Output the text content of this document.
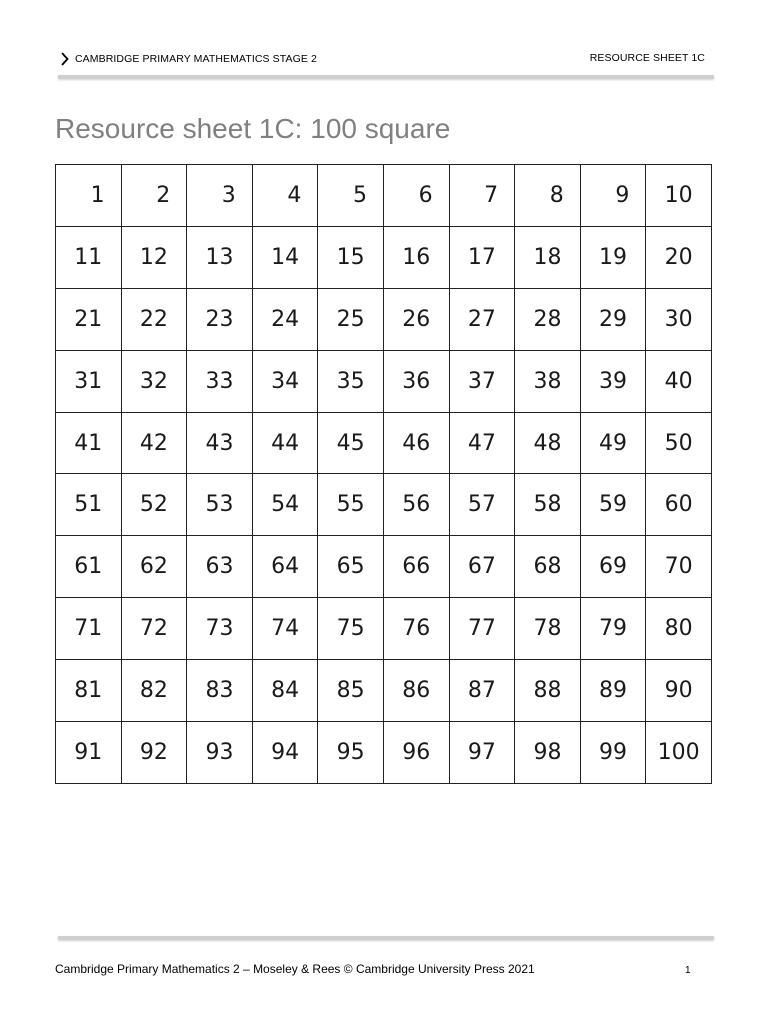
CAMBRIDGE PRIMARY MATHEMATICS STAGE 2	RESOURCE SHEET 1C
Resource sheet 1C: 100 square
1	2	3	4	5	6	7	8	9	10
11	12	13	14	15	16	17	18	19	20
21	22	23	24	25	26	27	28	29	30
31	32	33	34	35	36	37	38	39	40
41	42	43	44	45	46	47	48	49	50
51	52	53	54	55	56	57	58	59	60
61	62	63	64	65	66	67	68	69	70
71	72	73	74	75	76	77	78	79	80
81	82	83	84	85	86	87	88	89	90
91	92	93	94	95	96	97	98	99	100
Cambridge Primary Mathematics 2 – Moseley & Rees © Cambridge University Press 2021	1
